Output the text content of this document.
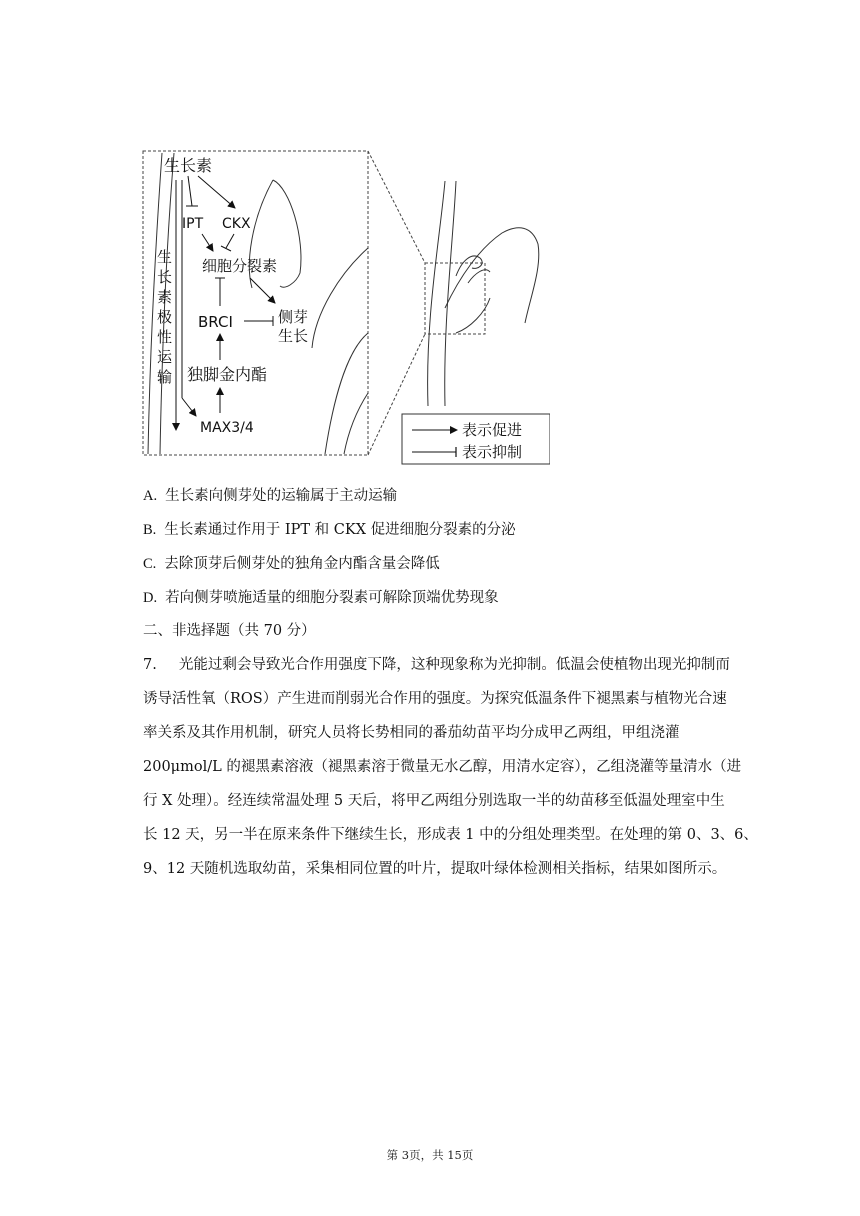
表示促进
表示抑制
生长素
IPT CKX
细胞分裂素
BRCI	侧芽
生长
独脚金内酯
MAX3/4
生
长
素
极
性
运
输
A. 生长素向侧芽处的运输属于主动运输
B. 生长素通过作用于 IPT 和 CKX 促进细胞分裂素的分泌
C. 去除顶芽后侧芽处的独角金内酯含量会降低
D. 若向侧芽喷施适量的细胞分裂素可解除顶端优势现象
二、非选择题（共 70 分）
7. 光能过剩会导致光合作用强度下降，这种现象称为光抑制。低温会使植物出现光抑制而
诱导活性氧（ROS）产生进而削弱光合作用的强度。为探究低温条件下褪黑素与植物光合速
率关系及其作用机制，研究人员将长势相同的番茄幼苗平均分成甲乙两组，甲组浇灌
200μmol/L 的褪黑素溶液（褪黑素溶于微量无水乙醇，用清水定容），乙组浇灌等量清水（进
行 X 处理）。经连续常温处理 5 天后，将甲乙两组分别选取一半的幼苗移至低温处理室中生
长 12 天，另一半在原来条件下继续生长，形成表 1 中的分组处理类型。在处理的第 0、3、6、
9、12 天随机选取幼苗，采集相同位置的叶片，提取叶绿体检测相关指标，结果如图所示。
第 3页，共 15页
